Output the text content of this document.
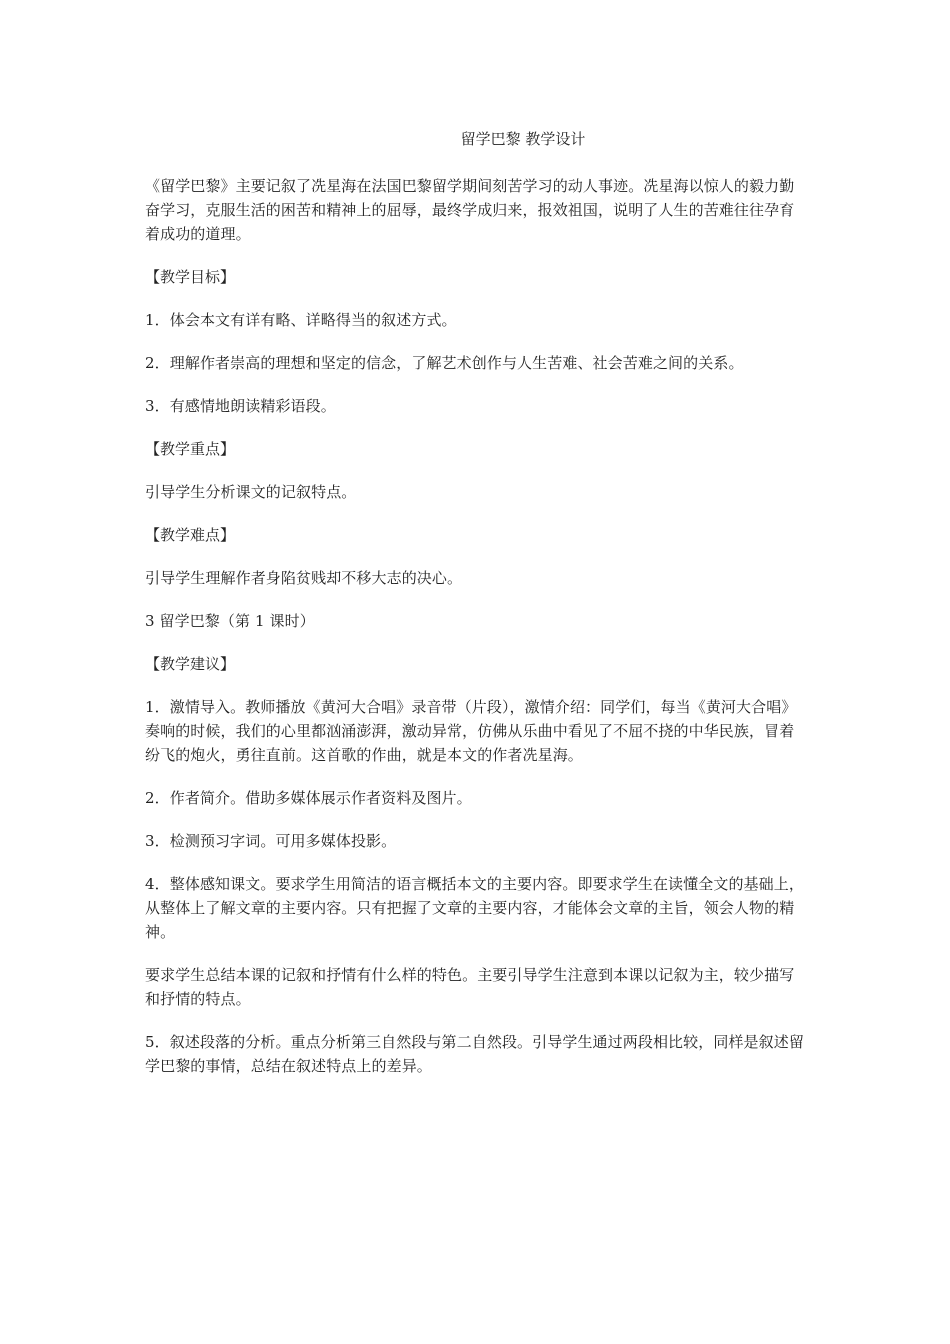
留学巴黎 教学设计

《留学巴黎》主要记叙了冼星海在法国巴黎留学期间刻苦学习的动人事迹。冼星海以惊人的毅力勤奋学习，克服生活的困苦和精神上的屈辱，最终学成归来，报效祖国，说明了人生的苦难往往孕育着成功的道理。

【教学目标】

1．体会本文有详有略、详略得当的叙述方式。

2．理解作者崇高的理想和坚定的信念，了解艺术创作与人生苦难、社会苦难之间的关系。

3．有感情地朗读精彩语段。

【教学重点】

引导学生分析课文的记叙特点。

【教学难点】

引导学生理解作者身陷贫贱却不移大志的决心。

3 留学巴黎（第 1 课时）

【教学建议】

1．激情导入。教师播放《黄河大合唱》录音带（片段），激情介绍：同学们，每当《黄河大合唱》奏响的时候，我们的心里都汹涌澎湃，激动异常，仿佛从乐曲中看见了不屈不挠的中华民族，冒着纷飞的炮火，勇往直前。这首歌的作曲，就是本文的作者冼星海。

2．作者简介。借助多媒体展示作者资料及图片。

3．检测预习字词。可用多媒体投影。

4．整体感知课文。要求学生用简洁的语言概括本文的主要内容。即要求学生在读懂全文的基础上，从整体上了解文章的主要内容。只有把握了文章的主要内容，才能体会文章的主旨，领会人物的精神。

要求学生总结本课的记叙和抒情有什么样的特色。主要引导学生注意到本课以记叙为主，较少描写和抒情的特点。

5．叙述段落的分析。重点分析第三自然段与第二自然段。引导学生通过两段相比较，同样是叙述留学巴黎的事情，总结在叙述特点上的差异。
